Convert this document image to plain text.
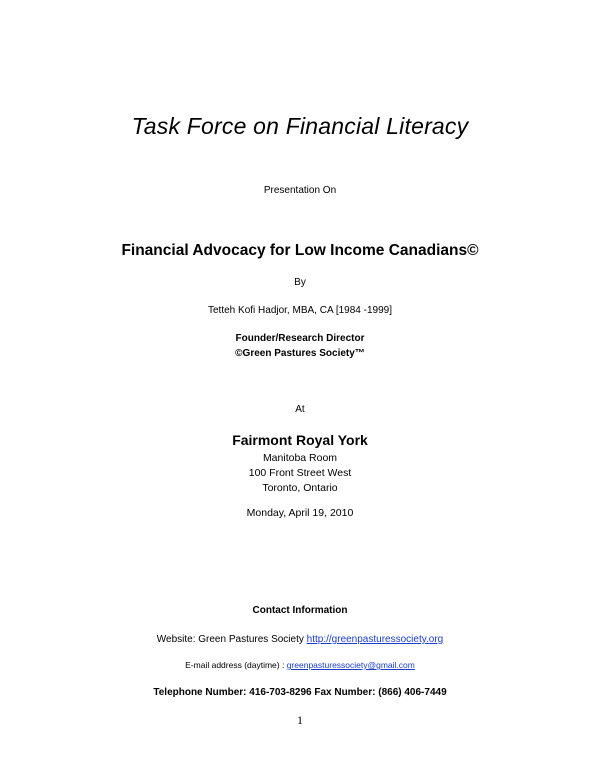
Task Force on Financial Literacy
Presentation On
Financial Advocacy for Low Income Canadians©
By
Tetteh Kofi Hadjor, MBA, CA [1984 -1999]
Founder/Research Director
©Green Pastures Society™
At
Fairmont Royal York
Manitoba Room
100 Front Street West
Toronto, Ontario
Monday, April 19, 2010
Contact Information
Website: Green Pastures Society http://greenpasturessociety.org
E-mail address (daytime) : greenpasturessociety@gmail.com
Telephone Number: 416-703-8296 Fax Number: (866) 406-7449
1
